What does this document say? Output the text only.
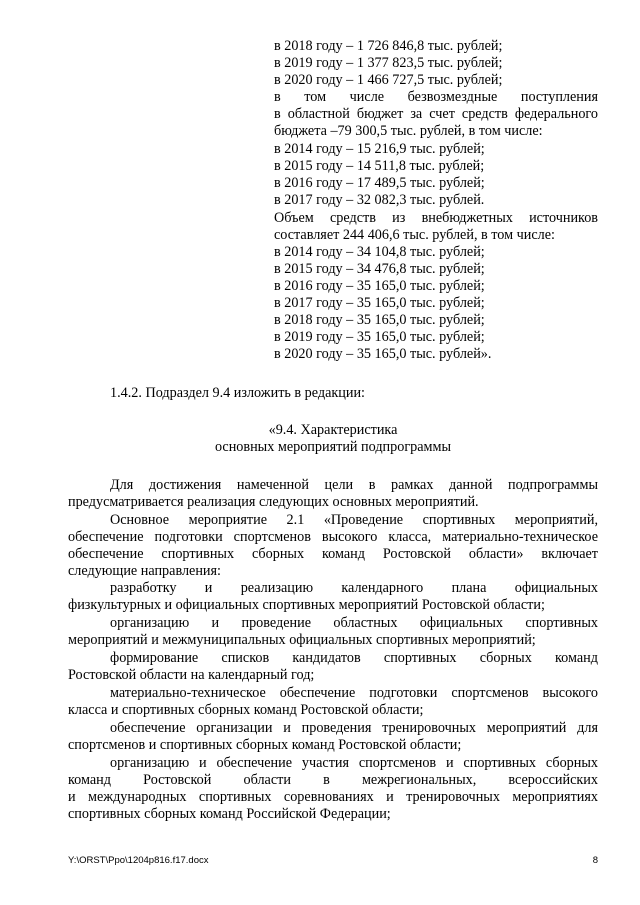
в 2018 году – 1 726 846,8 тыс. рублей;
в 2019 году – 1 377 823,5 тыс. рублей;
в 2020 году – 1 466 727,5 тыс. рублей;
в том числе безвозмездные поступления
в областной бюджет за счет средств федерального
бюджета –79 300,5 тыс. рублей, в том числе:
в 2014 году – 15 216,9 тыс. рублей;
в 2015 году – 14 511,8 тыс. рублей;
в 2016 году – 17 489,5 тыс. рублей;
в 2017 году – 32 082,3 тыс. рублей.
Объем средств из внебюджетных источников
составляет 244 406,6 тыс. рублей, в том числе:
в 2014 году – 34 104,8 тыс. рублей;
в 2015 году – 34 476,8 тыс. рублей;
в 2016 году – 35 165,0 тыс. рублей;
в 2017 году – 35 165,0 тыс. рублей;
в 2018 году – 35 165,0 тыс. рублей;
в 2019 году – 35 165,0 тыс. рублей;
в 2020 году – 35 165,0 тыс. рублей».
1.4.2. Подраздел 9.4 изложить в редакции:
«9.4. Характеристика
основных мероприятий подпрограммы
Для достижения намеченной цели в рамках данной подпрограммы
предусматривается реализация следующих основных мероприятий.
Основное мероприятие 2.1 «Проведение спортивных мероприятий,
обеспечение подготовки спортсменов высокого класса, материально-техническое
обеспечение спортивных сборных команд Ростовской области» включает
следующие направления:
разработку и реализацию календарного плана официальных
физкультурных и официальных спортивных мероприятий Ростовской области;
организацию и проведение областных официальных спортивных
мероприятий и межмуниципальных официальных спортивных мероприятий;
формирование списков кандидатов спортивных сборных команд
Ростовской области на календарный год;
материально-техническое обеспечение подготовки спортсменов высокого
класса и спортивных сборных команд Ростовской области;
обеспечение организации и проведения тренировочных мероприятий для
спортсменов и спортивных сборных команд Ростовской области;
организацию и обеспечение участия спортсменов и спортивных сборных
команд Ростовской области в межрегиональных, всероссийских
и международных спортивных соревнованиях и тренировочных мероприятиях
спортивных сборных команд Российской Федерации;
Y:\ORST\Ppo\1204p816.f17.docx	8
